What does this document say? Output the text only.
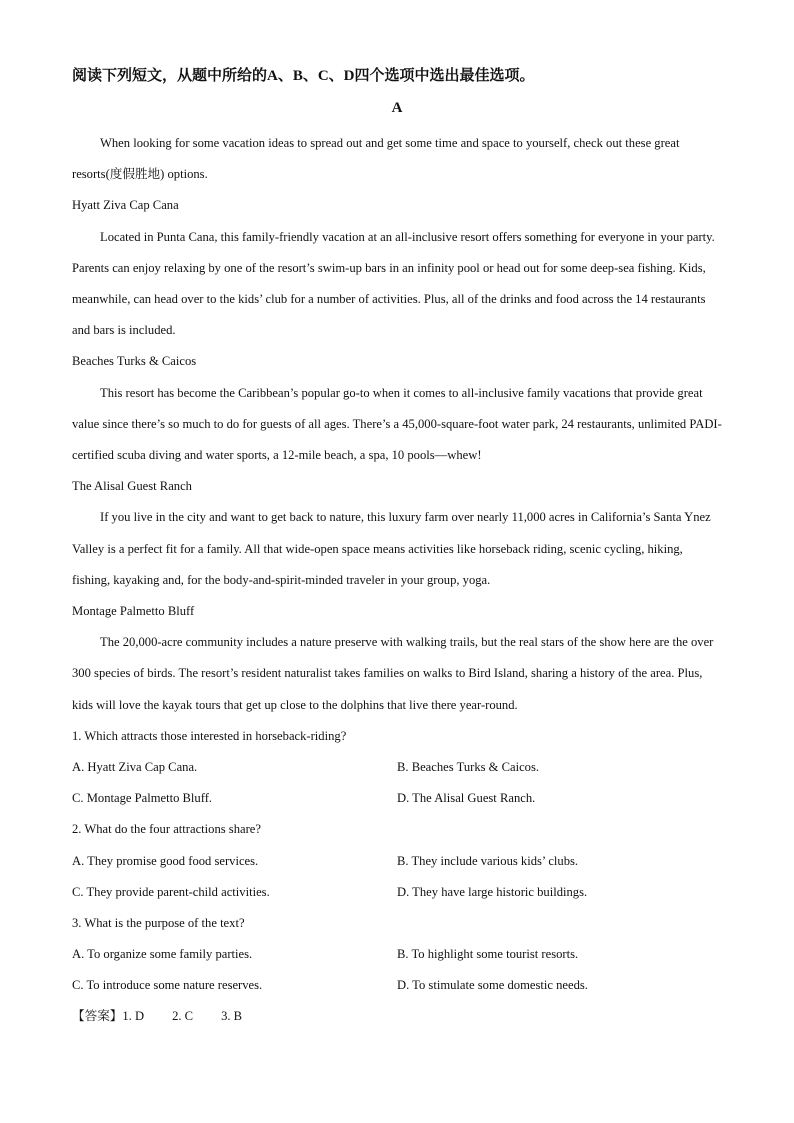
阅读下列短文，从题中所给的A、B、C、D四个选项中选出最佳选项。
A
When looking for some vacation ideas to spread out and get some time and space to yourself, check out these great resorts(度假胜地) options.
Hyatt Ziva Cap Cana
Located in Punta Cana, this family-friendly vacation at an all-inclusive resort offers something for everyone in your party. Parents can enjoy relaxing by one of the resort’s swim-up bars in an infinity pool or head out for some deep-sea fishing. Kids, meanwhile, can head over to the kids’ club for a number of activities. Plus, all of the drinks and food across the 14 restaurants and bars is included.
Beaches Turks & Caicos
This resort has become the Caribbean’s popular go-to when it comes to all-inclusive family vacations that provide great value since there’s so much to do for guests of all ages. There’s a 45,000-square-foot water park, 24 restaurants, unlimited PADI-certified scuba diving and water sports, a 12-mile beach, a spa, 10 pools—whew!
The Alisal Guest Ranch
If you live in the city and want to get back to nature, this luxury farm over nearly 11,000 acres in California’s Santa Ynez Valley is a perfect fit for a family. All that wide-open space means activities like horseback riding, scenic cycling, hiking, fishing, kayaking and, for the body-and-spirit-minded traveler in your group, yoga.
Montage Palmetto Bluff
The 20,000-acre community includes a nature preserve with walking trails, but the real stars of the show here are the over 300 species of birds. The resort’s resident naturalist takes families on walks to Bird Island, sharing a history of the area. Plus, kids will love the kayak tours that get up close to the dolphins that live there year-round.
1. Which attracts those interested in horseback-riding?
A. Hyatt Ziva Cap Cana.	B. Beaches Turks & Caicos.
C. Montage Palmetto Bluff.	D. The Alisal Guest Ranch.
2. What do the four attractions share?
A. They promise good food services.	B. They include various kids’ clubs.
C. They provide parent-child activities.	D. They have large historic buildings.
3. What is the purpose of the text?
A. To organize some family parties.	B. To highlight some tourist resorts.
C. To introduce some nature reserves.	D. To stimulate some domestic needs.
【答案】1. D 2. C 3. B
